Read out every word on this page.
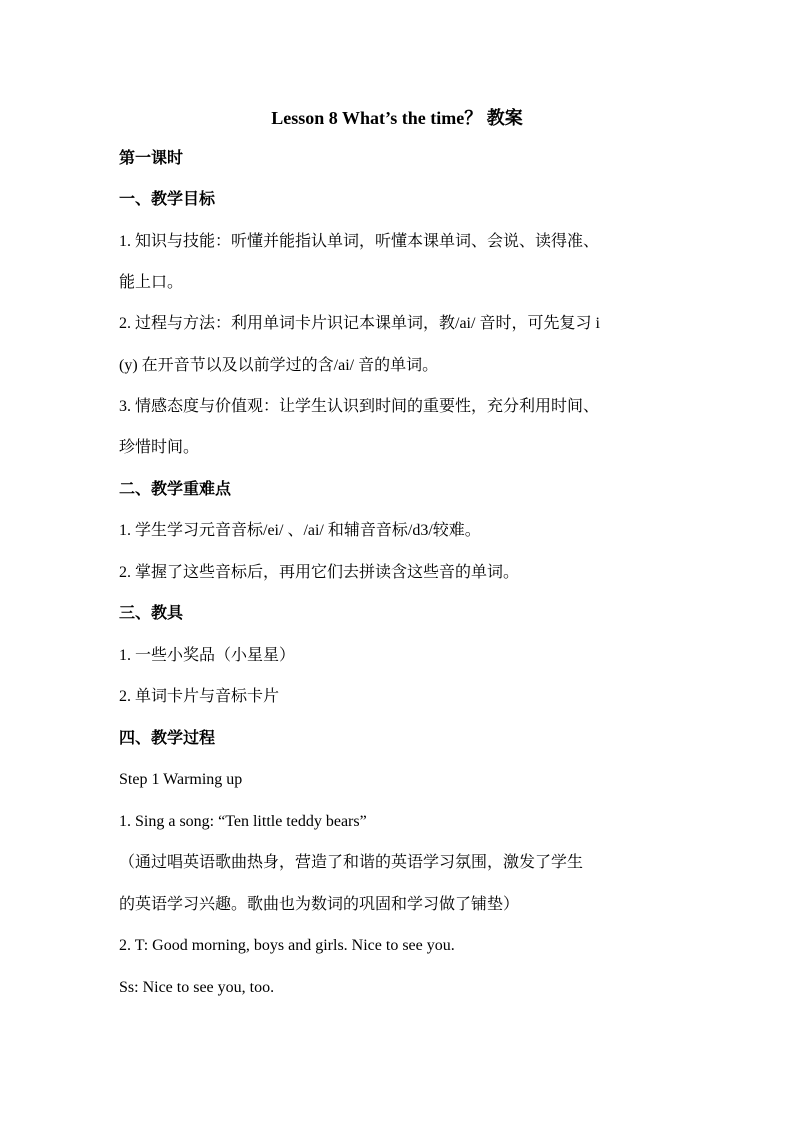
Lesson 8 What’s the time？ 教案
第一课时
一、教学目标
1. 知识与技能：听懂并能指认单词，听懂本课单词、会说、读得准、
能上口。
2. 过程与方法：利用单词卡片识记本课单词，教/ai/ 音时，可先复习 i
(y) 在开音节以及以前学过的含/ai/ 音的单词。
3. 情感态度与价值观：让学生认识到时间的重要性，充分利用时间、
珍惜时间。
二、教学重难点
1. 学生学习元音音标/ei/ 、/ai/ 和辅音音标/d3/较难。
2. 掌握了这些音标后，再用它们去拼读含这些音的单词。
三、教具
1. 一些小奖品（小星星）
2. 单词卡片与音标卡片
四、教学过程
Step 1 Warming up
1. Sing a song: “Ten little teddy bears”
（通过唱英语歌曲热身，营造了和谐的英语学习氛围，激发了学生
的英语学习兴趣。歌曲也为数词的巩固和学习做了铺垫）
2. T: Good morning, boys and girls. Nice to see you.
Ss: Nice to see you, too.
